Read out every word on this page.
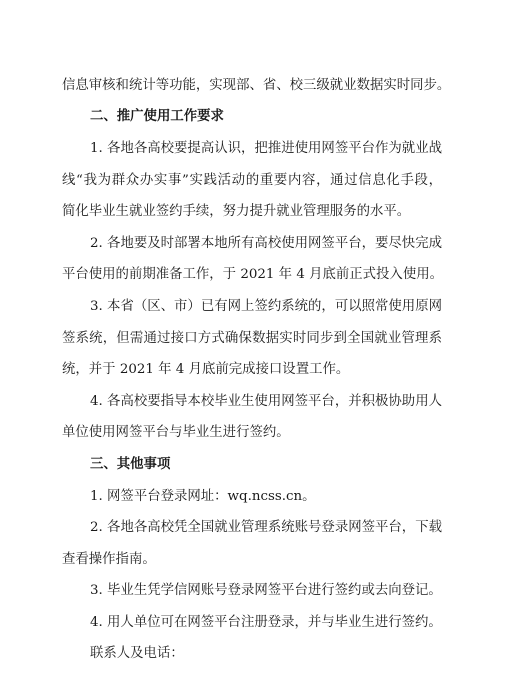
信息审核和统计等功能，实现部、省、校三级就业数据实时同步。
二、推广使用工作要求
1. 各地各高校要提高认识，把推进使用网签平台作为就业战
线“我为群众办实事”实践活动的重要内容，通过信息化手段，
简化毕业生就业签约手续，努力提升就业管理服务的水平。
2. 各地要及时部署本地所有高校使用网签平台，要尽快完成
平台使用的前期准备工作，于 2021 年 4 月底前正式投入使用。
3. 本省（区、市）已有网上签约系统的，可以照常使用原网
签系统，但需通过接口方式确保数据实时同步到全国就业管理系
统，并于 2021 年 4 月底前完成接口设置工作。
4. 各高校要指导本校毕业生使用网签平台，并积极协助用人
单位使用网签平台与毕业生进行签约。
三、其他事项
1. 网签平台登录网址：wq.ncss.cn。
2. 各地各高校凭全国就业管理系统账号登录网签平台，下载
查看操作指南。
3. 毕业生凭学信网账号登录网签平台进行签约或去向登记。
4. 用人单位可在网签平台注册登录，并与毕业生进行签约。
联系人及电话：
